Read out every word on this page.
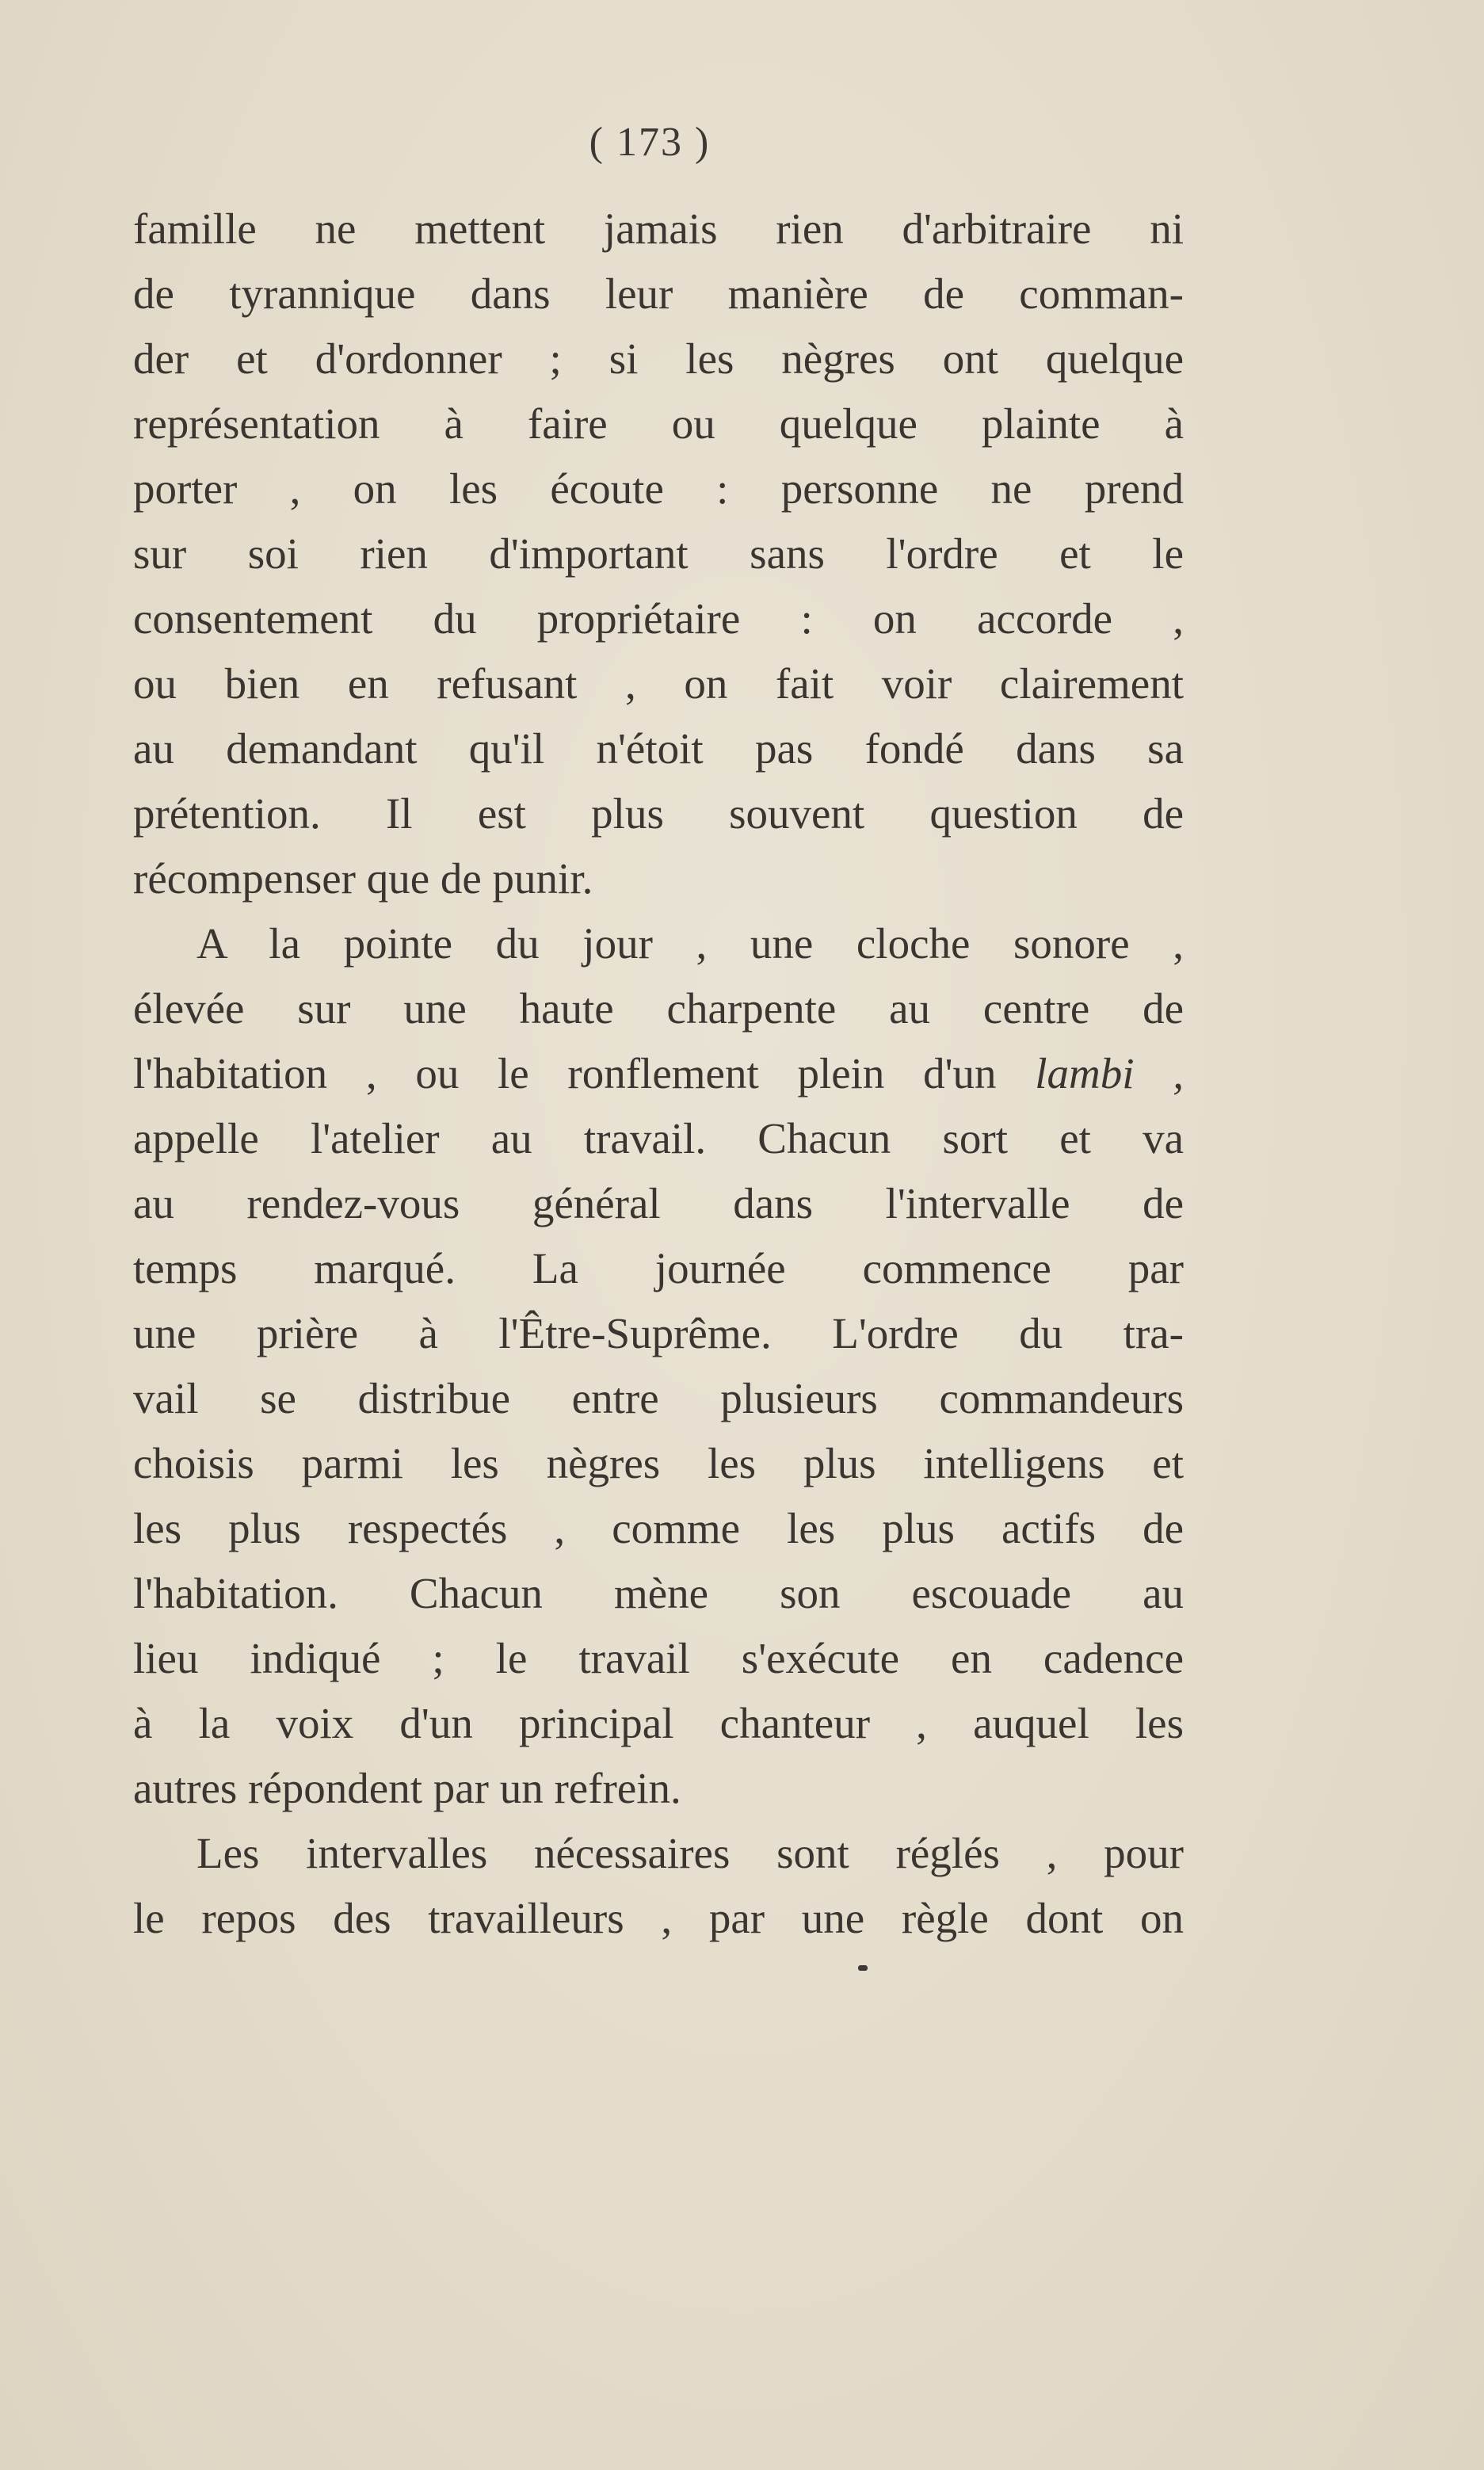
( 173 )
famille ne mettent jamais rien d'arbitraire ni
de tyrannique dans leur manière de comman-
der et d'ordonner ; si les nègres ont quelque
représentation à faire ou quelque plainte à
porter , on les écoute : personne ne prend
sur soi rien d'important sans l'ordre et le
consentement du propriétaire : on accorde ,
ou bien en refusant , on fait voir clairement
au demandant qu'il n'étoit pas fondé dans sa
prétention. Il est plus souvent question de
récompenser que de punir.
A la pointe du jour , une cloche sonore ,
élevée sur une haute charpente au centre de
l'habitation , ou le ronflement plein d'un lambi ,
appelle l'atelier au travail. Chacun sort et va
au rendez-vous général dans l'intervalle de
temps marqué. La journée commence par
une prière à l'Être-Suprême. L'ordre du tra-
vail se distribue entre plusieurs commandeurs
choisis parmi les nègres les plus intelligens et
les plus respectés , comme les plus actifs de
l'habitation. Chacun mène son escouade au
lieu indiqué ; le travail s'exécute en cadence
à la voix d'un principal chanteur , auquel les
autres répondent par un refrein.
Les intervalles nécessaires sont réglés , pour
le repos des travailleurs , par une règle dont on
